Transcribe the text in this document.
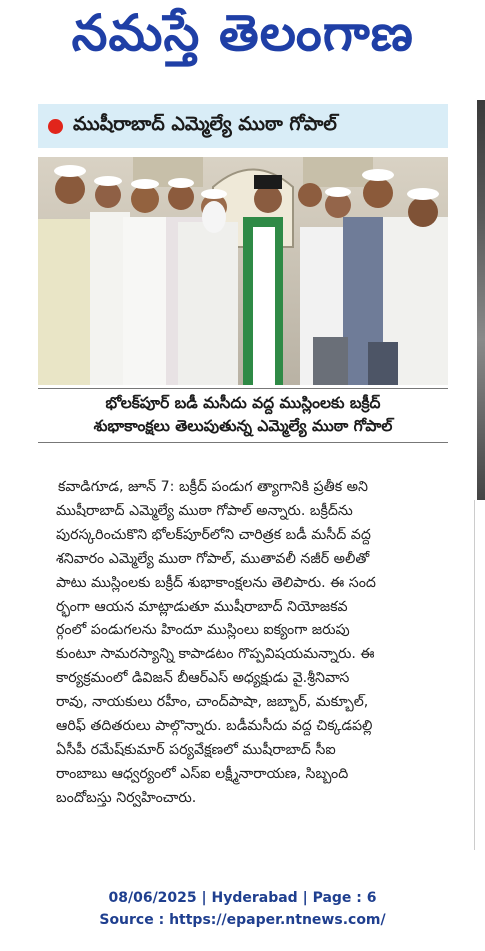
నమస్తే తెలంగాణ
ముషీరాబాద్ ఎమ్మెల్యే ముఠా గోపాల్
భోలక్‌పూర్ బడీ మసీదు వద్ద ముస్లింలకు బక్రీద్
శుభాకాంక్షలు తెలుపుతున్న ఎమ్మెల్యే ముఠా గోపాల్
కవాడిగూడ, జూన్ 7: బక్రీద్ పండుగ త్యాగానికి ప్రతీక అని
ముషీరాబాద్ ఎమ్మెల్యే ముఠా గోపాల్ అన్నారు. బక్రీద్‌ను
పురస్కరించుకొని భోలక్‌పూర్‌లోని చారిత్రక బడీ మసీద్ వద్ద
శనివారం ఎమ్మెల్యే ముఠా గోపాల్, ముతావలీ నజీర్ అలీతో
పాటు ముస్లింలకు బక్రీద్ శుభాకాంక్షలను తెలిపారు. ఈ సంద
ర్భంగా ఆయన మాట్లాడుతూ ముషీరాబాద్ నియోజకవ
ర్గంలో పండుగలను హిందూ ముస్లింలు ఐక్యంగా జరుపు
కుంటూ సామరస్యాన్ని కాపాడటం గొప్పవిషయమన్నారు. ఈ
కార్యక్రమంలో డివిజన్ బీఆర్ఎస్ అధ్యక్షుడు వై.శ్రీనివాస
రావు, నాయకులు రహీం, చాంద్‌పాషా, జబ్బార్, మక్బూల్,
ఆరిఫ్ తదితరులు పాల్గొన్నారు. బడీమసీదు వద్ద చిక్కడపల్లి
ఏసీపీ రమేష్‌కుమార్ పర్యవేక్షణలో ముషీరాబాద్ సీఐ
రాంబాబు ఆధ్వర్యంలో ఎస్ఐ లక్ష్మీనారాయణ, సిబ్బంది
బందోబస్తు నిర్వహించారు.
08/06/2025 | Hyderabad | Page : 6
Source : https://epaper.ntnews.com/
